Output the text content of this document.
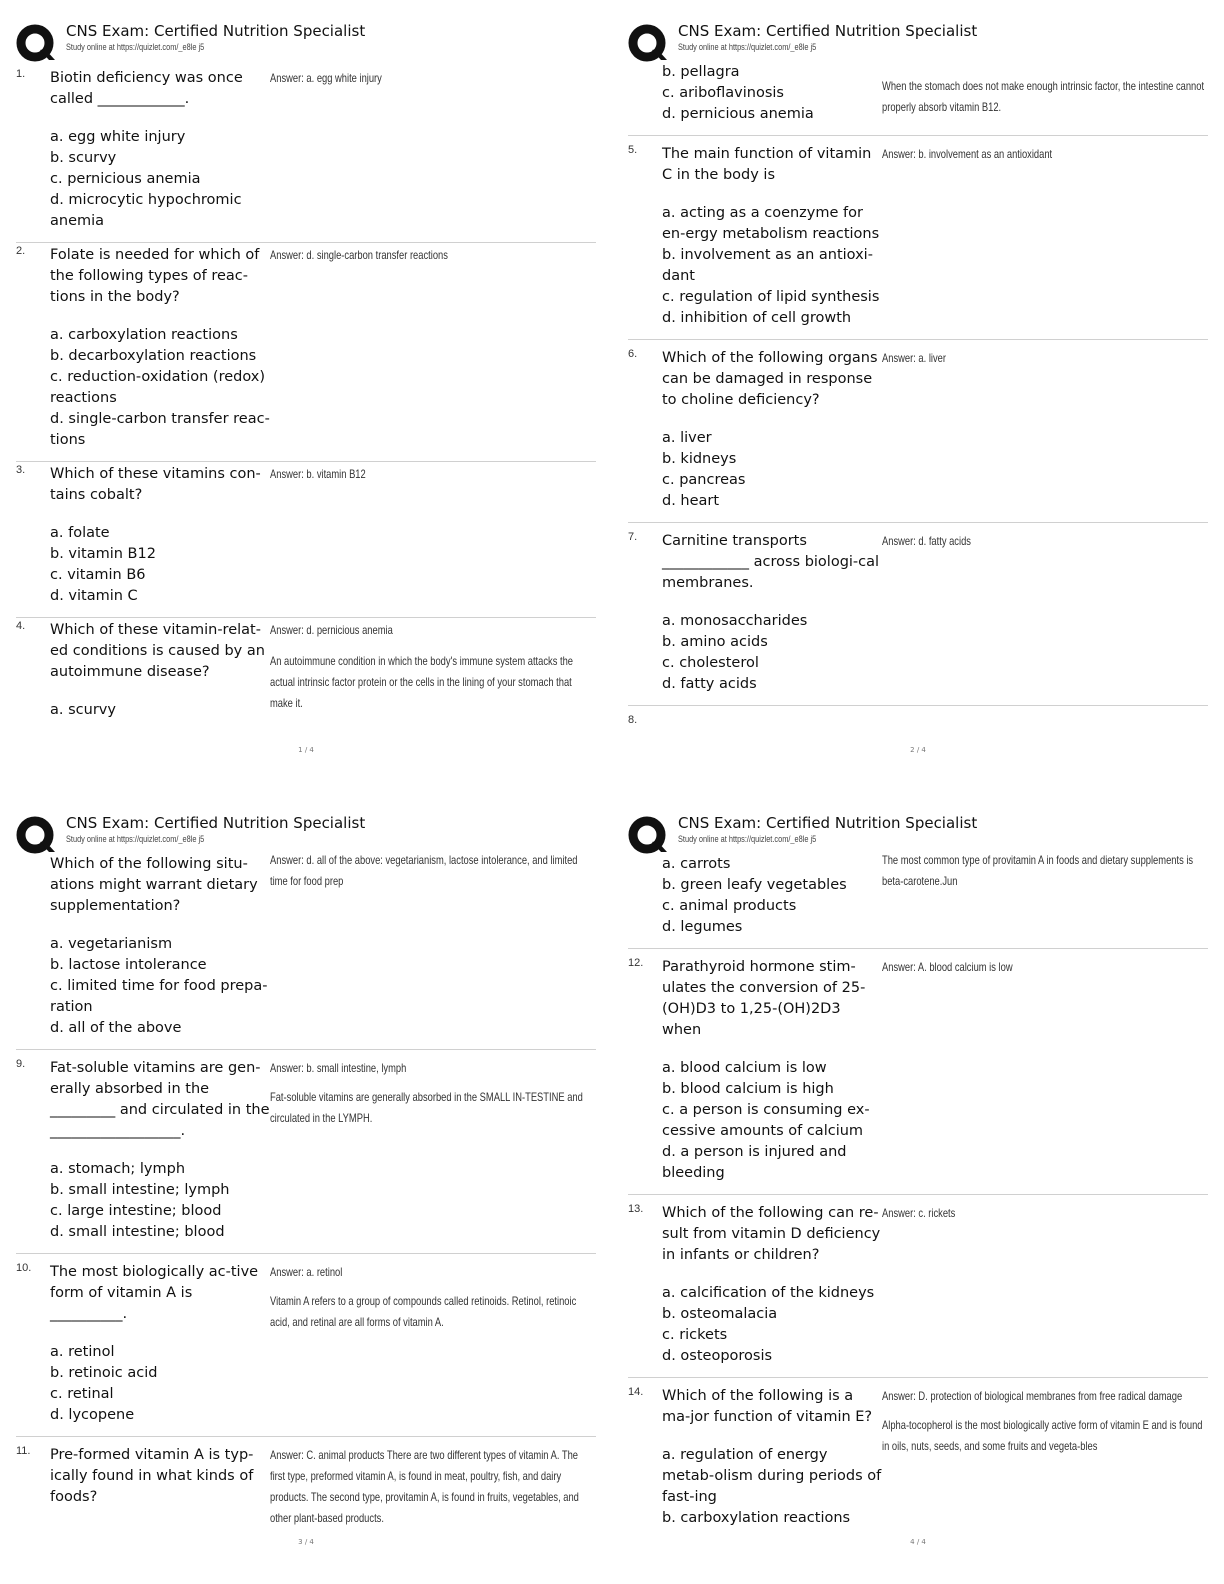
CNS Exam: Certified Nutrition Specialist
Study online at https://quizlet.com/_e8le j5
1.	Biotin deficiency was once called ____________.
a. egg white injury
b. scurvy
c. pernicious anemia
d. microcytic hypochromic anemia
Answer: a. egg white injury
2.	Folate is needed for which of the following types of reac-tions in the body?
a. carboxylation reactions
b. decarboxylation reactions
c. reduction-oxidation (redox) reactions
d. single-carbon transfer reac-tions
Answer: d. single-carbon transfer reactions
3.	Which of these vitamins con-tains cobalt?
a. folate
b. vitamin B12
c. vitamin B6
d. vitamin C
Answer: b. vitamin B12
4.	Which of these vitamin-relat-ed conditions is caused by an autoimmune disease?
a. scurvy
Answer: d. pernicious anemia
An autoimmune condition in which the body's immune system attacks the actual intrinsic factor protein or the cells in the lining of your stomach that make it.
1 / 4
CNS Exam: Certified Nutrition Specialist
Study online at https://quizlet.com/_e8le j5
b. pellagra
c. ariboflavinosis
d. pernicious anemia
When the stomach does not make enough intrinsic factor, the intestine cannot properly absorb vitamin B12.
5.	The main function of vitamin C in the body is
a. acting as a coenzyme for en-ergy metabolism reactions
b. involvement as an antioxi-dant
c. regulation of lipid synthesis
d. inhibition of cell growth
Answer: b. involvement as an antioxidant
6.	Which of the following organs can be damaged in response to choline deficiency?
a. liver
b. kidneys
c. pancreas
d. heart
Answer: a. liver
7.	Carnitine transports ____________ across biologi-cal membranes.
a. monosaccharides
b. amino acids
c. cholesterol
d. fatty acids
Answer: d. fatty acids
8.
2 / 4
CNS Exam: Certified Nutrition Specialist
Study online at https://quizlet.com/_e8le j5
Which of the following situ-ations might warrant dietary supplementation?
a. vegetarianism
b. lactose intolerance
c. limited time for food prepa-ration
d. all of the above
Answer: d. all of the above: vegetarianism, lactose intolerance, and limited time for food prep
9.	Fat-soluble vitamins are gen-erally absorbed in the _________ and circulated in the __________________.
a. stomach; lymph
b. small intestine; lymph
c. large intestine; blood
d. small intestine; blood
Answer: b. small intestine, lymph
Fat-soluble vitamins are generally absorbed in the SMALL IN-TESTINE and circulated in the LYMPH.
10.	The most biologically ac-tive form of vitamin A is __________.
a. retinol
b. retinoic acid
c. retinal
d. lycopene
Answer: a. retinol
Vitamin A refers to a group of compounds called retinoids. Retinol, retinoic acid, and retinal are all forms of vitamin A.
11.	Pre-formed vitamin A is typ-ically found in what kinds of foods?
Answer: C. animal products There are two different types of vitamin A. The first type, preformed vitamin A, is found in meat, poultry, fish, and dairy products. The second type, provitamin A, is found in fruits, vegetables, and other plant-based products.
3 / 4
CNS Exam: Certified Nutrition Specialist
Study online at https://quizlet.com/_e8le j5
a. carrots
b. green leafy vegetables
c. animal products
d. legumes
The most common type of provitamin A in foods and dietary supplements is beta-carotene.Jun
12.	Parathyroid hormone stim-ulates the conversion of 25-(OH)D3 to 1,25-(OH)2D3 when
a. blood calcium is low
b. blood calcium is high
c. a person is consuming ex-cessive amounts of calcium
d. a person is injured and bleeding
Answer: A. blood calcium is low
13.	Which of the following can re-sult from vitamin D deficiency in infants or children?
a. calcification of the kidneys
b. osteomalacia
c. rickets
d. osteoporosis
Answer: c. rickets
14.	Which of the following is a ma-jor function of vitamin E?
a. regulation of energy metab-olism during periods of fast-ing
b. carboxylation reactions
Answer: D. protection of biological membranes from free radical damage
Alpha-tocopherol is the most biologically active form of vitamin E and is found in oils, nuts, seeds, and some fruits and vegeta-bles
4 / 4
